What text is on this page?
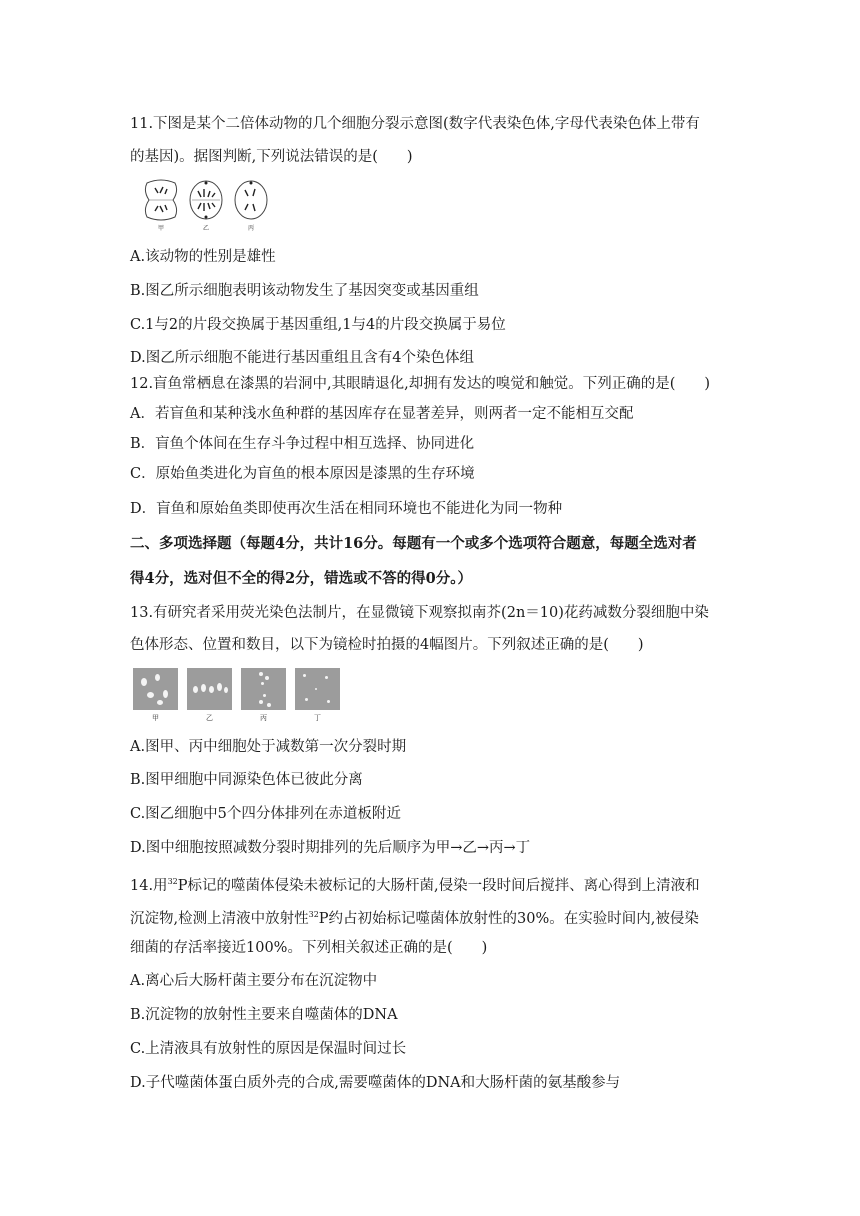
11.下图是某个二倍体动物的几个细胞分裂示意图(数字代表染色体,字母代表染色体上带有
的基因)。据图判断,下列说法错误的是(　　)
甲	乙	丙
A.该动物的性别是雄性
B.图乙所示细胞表明该动物发生了基因突变或基因重组
C.1与2的片段交换属于基因重组,1与4的片段交换属于易位
D.图乙所示细胞不能进行基因重组且含有4个染色体组
12.盲鱼常栖息在漆黑的岩洞中,其眼睛退化,却拥有发达的嗅觉和触觉。下列正确的是(　　)
A．若盲鱼和某种浅水鱼种群的基因库存在显著差异，则两者一定不能相互交配
B．盲鱼个体间在生存斗争过程中相互选择、协同进化
C．原始鱼类进化为盲鱼的根本原因是漆黑的生存环境
D．盲鱼和原始鱼类即使再次生活在相同环境也不能进化为同一物种
二、多项选择题（每题4分，共计16分。每题有一个或多个选项符合题意，每题全选对者
得4分，选对但不全的得2分，错选或不答的得0分。）
13.有研究者采用荧光染色法制片，在显微镜下观察拟南芥(2n＝10)花药减数分裂细胞中染
色体形态、位置和数目，以下为镜检时拍摄的4幅图片。下列叙述正确的是(　　)
甲	乙	丙	丁
A.图甲、丙中细胞处于减数第一次分裂时期
B.图甲细胞中同源染色体已彼此分离
C.图乙细胞中5个四分体排列在赤道板附近
D.图中细胞按照减数分裂时期排列的先后顺序为甲→乙→丙→丁
14.用$^{32}$P标记的噬菌体侵染未被标记的大肠杆菌,侵染一段时间后搅拌、离心得到上清液和
沉淀物,检测上清液中放射性$^{32}$P约占初始标记噬菌体放射性的30%。在实验时间内,被侵染
细菌的存活率接近100%。下列相关叙述正确的是(　　)
A.离心后大肠杆菌主要分布在沉淀物中
B.沉淀物的放射性主要来自噬菌体的DNA
C.上清液具有放射性的原因是保温时间过长
D.子代噬菌体蛋白质外壳的合成,需要噬菌体的DNA和大肠杆菌的氨基酸参与
